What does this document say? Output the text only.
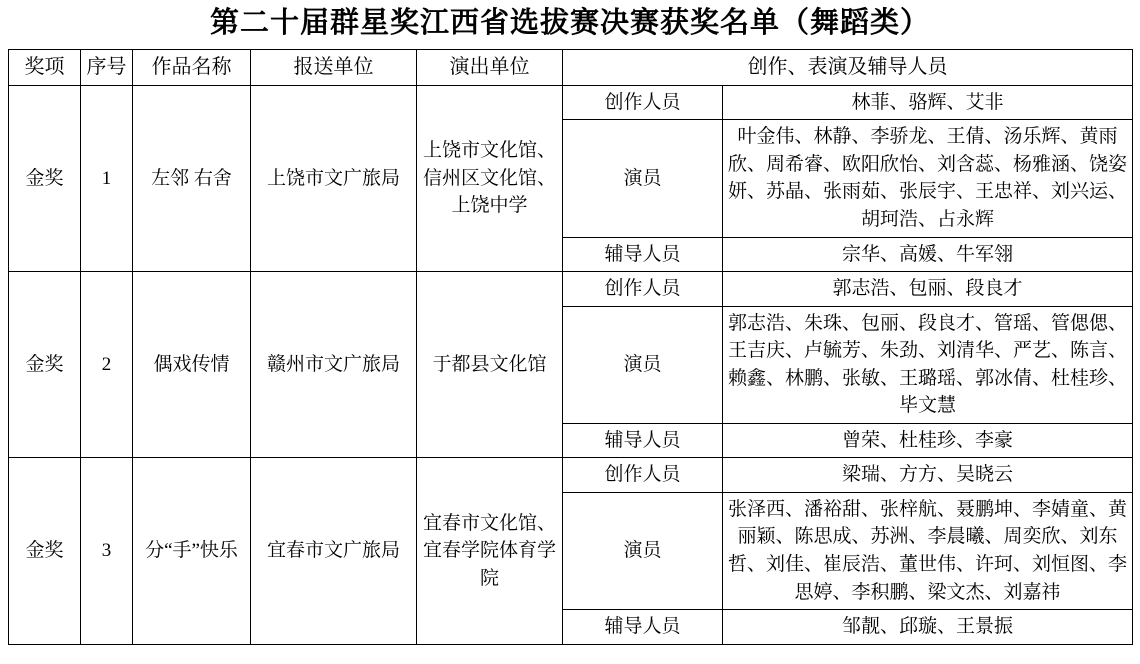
第二十届群星奖江西省选拔赛决赛获奖名单（舞蹈类）
奖项	序号	作品名称	报送单位	演出单位	创作、表演及辅导人员	
金奖	1	左邻 右舍	上饶市文广旅局	上饶市文化馆、信州区文化馆、上饶中学	创作人员	林菲、骆辉、艾非
					演员	叶金伟、林静、李骄龙、王倩、汤乐辉、黄雨欣、周希睿、欧阳欣怡、刘含蕊、杨雅涵、饶姿妍、苏晶、张雨茹、张辰宇、王忠祥、刘兴运、胡珂浩、占永辉
					辅导人员	宗华、高媛、牛军翎
金奖	2	偶戏传情	赣州市文广旅局	于都县文化馆	创作人员	郭志浩、包丽、段良才
					演员	郭志浩、朱珠、包丽、段良才、管瑶、管偲偲、王吉庆、卢毓芳、朱劲、刘清华、严艺、陈言、赖鑫、林鹏、张敏、王璐瑶、郭冰倩、杜桂珍、毕文慧
					辅导人员	曾荣、杜桂珍、李豪
金奖	3	分“手”快乐	宜春市文广旅局	宜春市文化馆、宜春学院体育学院	创作人员	梁瑞、方方、吴晓云
					演员	张泽西、潘裕甜、张梓航、聂鹏坤、李婧童、黄丽颖、陈思成、苏洲、李晨曦、周奕欣、刘东哲、刘佳、崔辰浩、董世伟、许珂、刘恒图、李思婷、李积鹏、梁文杰、刘嘉祎
					辅导人员	邹靓、邱璇、王景振
